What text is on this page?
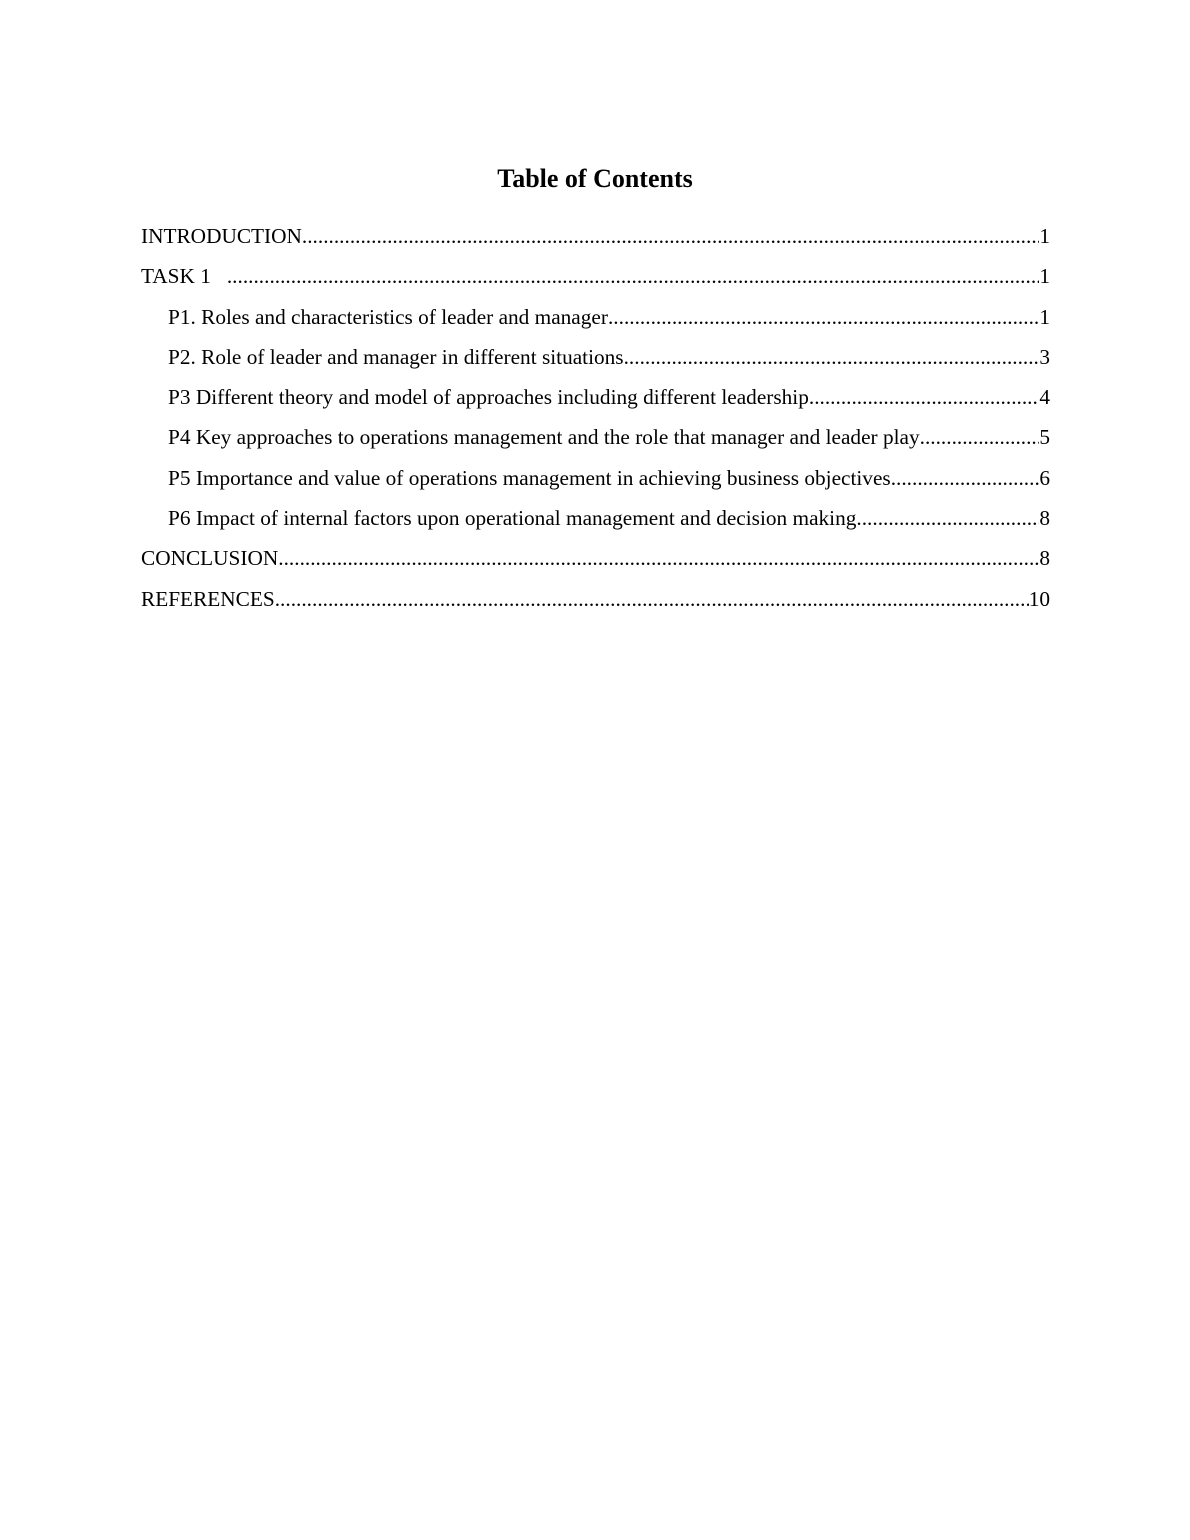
Table of Contents
INTRODUCTION .....	1
TASK 1 .....	1
P1. Roles and characteristics of leader and manager .....	1
P2. Role of leader and manager in different situations .....	3
P3 Different theory and model of approaches including different leadership .....	4
P4 Key approaches to operations management and the role that manager and leader play .....	5
P5 Importance and value of operations management in achieving business objectives .....	6
P6 Impact of internal factors upon operational management and decision making .....	8
CONCLUSION .....	8
REFERENCES .....	10
